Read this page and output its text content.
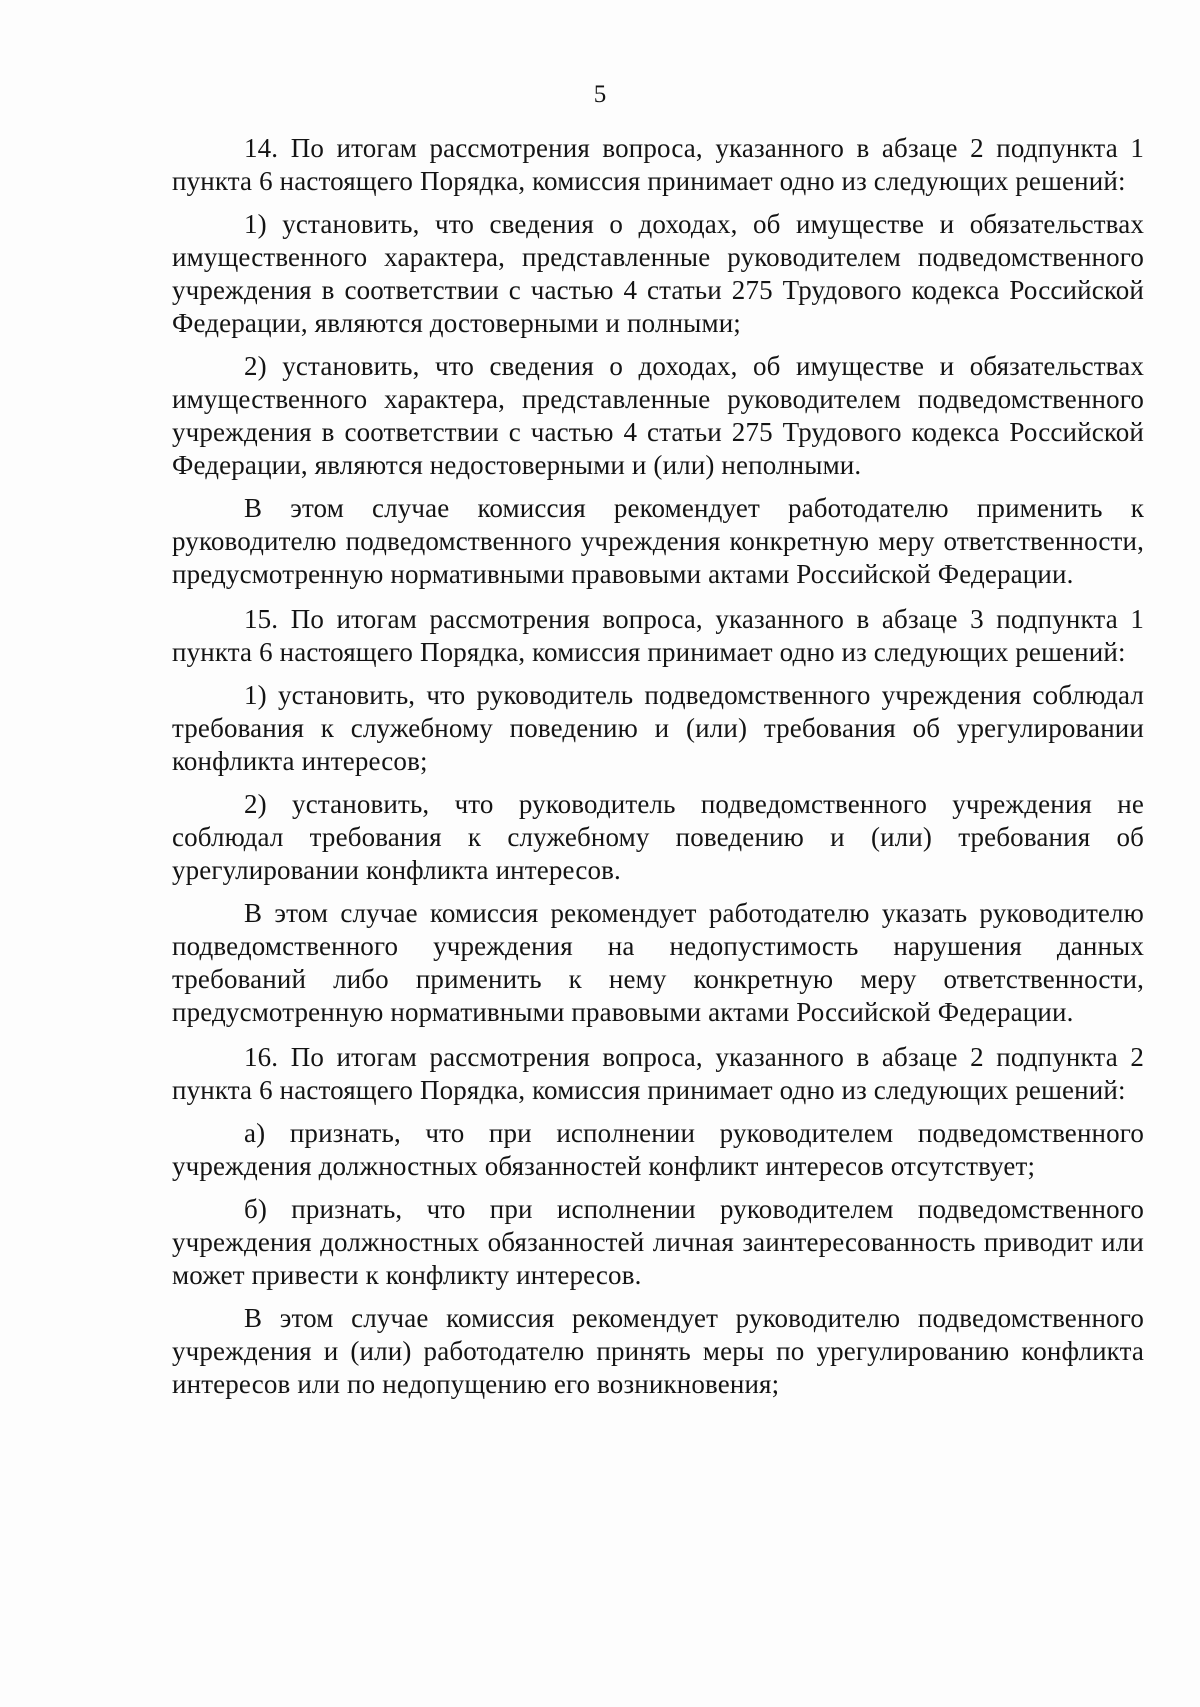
5

14. По итогам рассмотрения вопроса, указанного в абзаце 2 подпункта 1 пункта 6 настоящего Порядка, комиссия принимает одно из следующих решений:

1) установить, что сведения о доходах, об имуществе и обязательствах имущественного характера, представленные руководителем подведомственного учреждения в соответствии с частью 4 статьи 275 Трудового кодекса Российской Федерации, являются достоверными и полными;

2) установить, что сведения о доходах, об имуществе и обязательствах имущественного характера, представленные руководителем подведомственного учреждения в соответствии с частью 4 статьи 275 Трудового кодекса Российской Федерации, являются недостоверными и (или) неполными.

В этом случае комиссия рекомендует работодателю применить к руководителю подведомственного учреждения конкретную меру ответственности, предусмотренную нормативными правовыми актами Российской Федерации.

15. По итогам рассмотрения вопроса, указанного в абзаце 3 подпункта 1 пункта 6 настоящего Порядка, комиссия принимает одно из следующих решений:

1) установить, что руководитель подведомственного учреждения соблюдал требования к служебному поведению и (или) требования об урегулировании конфликта интересов;

2) установить, что руководитель подведомственного учреждения не соблюдал требования к служебному поведению и (или) требования об урегулировании конфликта интересов.

В этом случае комиссия рекомендует работодателю указать руководителю подведомственного учреждения на недопустимость нарушения данных требований либо применить к нему конкретную меру ответственности, предусмотренную нормативными правовыми актами Российской Федерации.

16. По итогам рассмотрения вопроса, указанного в абзаце 2 подпункта 2 пункта 6 настоящего Порядка, комиссия принимает одно из следующих решений:

а) признать, что при исполнении руководителем подведомственного учреждения должностных обязанностей конфликт интересов отсутствует;

б) признать, что при исполнении руководителем подведомственного учреждения должностных обязанностей личная заинтересованность приводит или может привести к конфликту интересов.

В этом случае комиссия рекомендует руководителю подведомственного учреждения и (или) работодателю принять меры по урегулированию конфликта интересов или по недопущению его возникновения;
